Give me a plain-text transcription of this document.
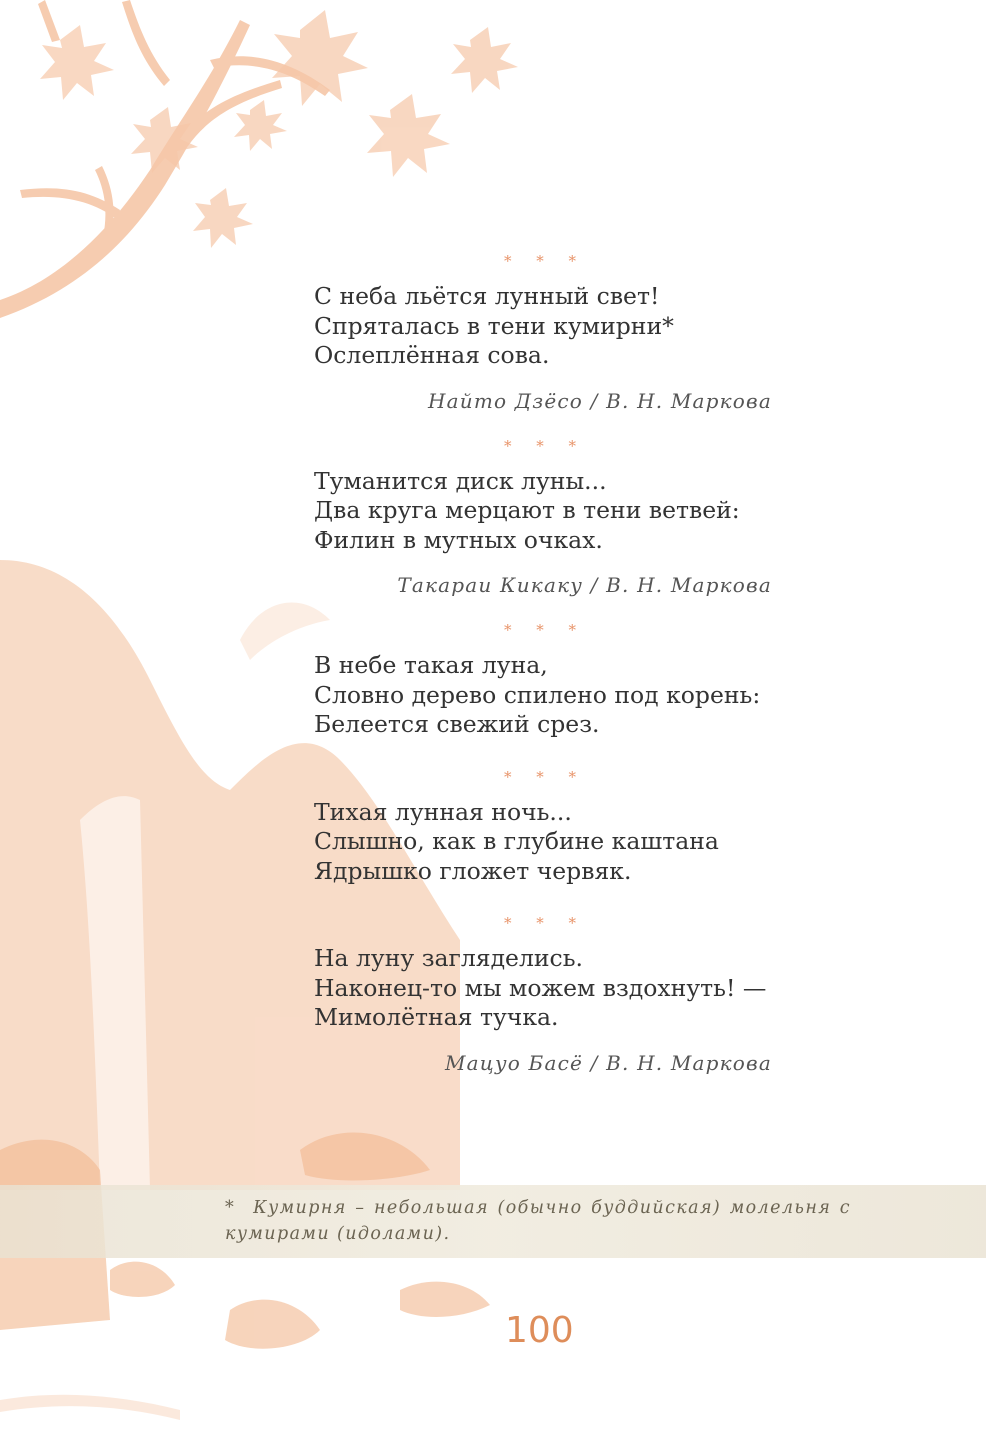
* * *
С неба льётся лунный свет!
Спряталась в тени кумирни*
Ослеплённая сова.
Найто Дзёсо / В. Н. Маркова
* * *
Туманится диск луны...
Два круга мерцают в тени ветвей:
Филин в мутных очках.
Такараи Кикаку / В. Н. Маркова
* * *
В небе такая луна,
Словно дерево спилено под корень:
Белеется свежий срез.
* * *
Тихая лунная ночь...
Слышно, как в глубине каштана
Ядрышко гложет червяк.
* * *
На луну загляделись.
Наконец-то мы можем вздохнуть! —
Мимолётная тучка.
Мацуо Басё / В. Н. Маркова
* Кумирня – небольшая (обычно буддийская) молельня с кумирами (идолами).
100
